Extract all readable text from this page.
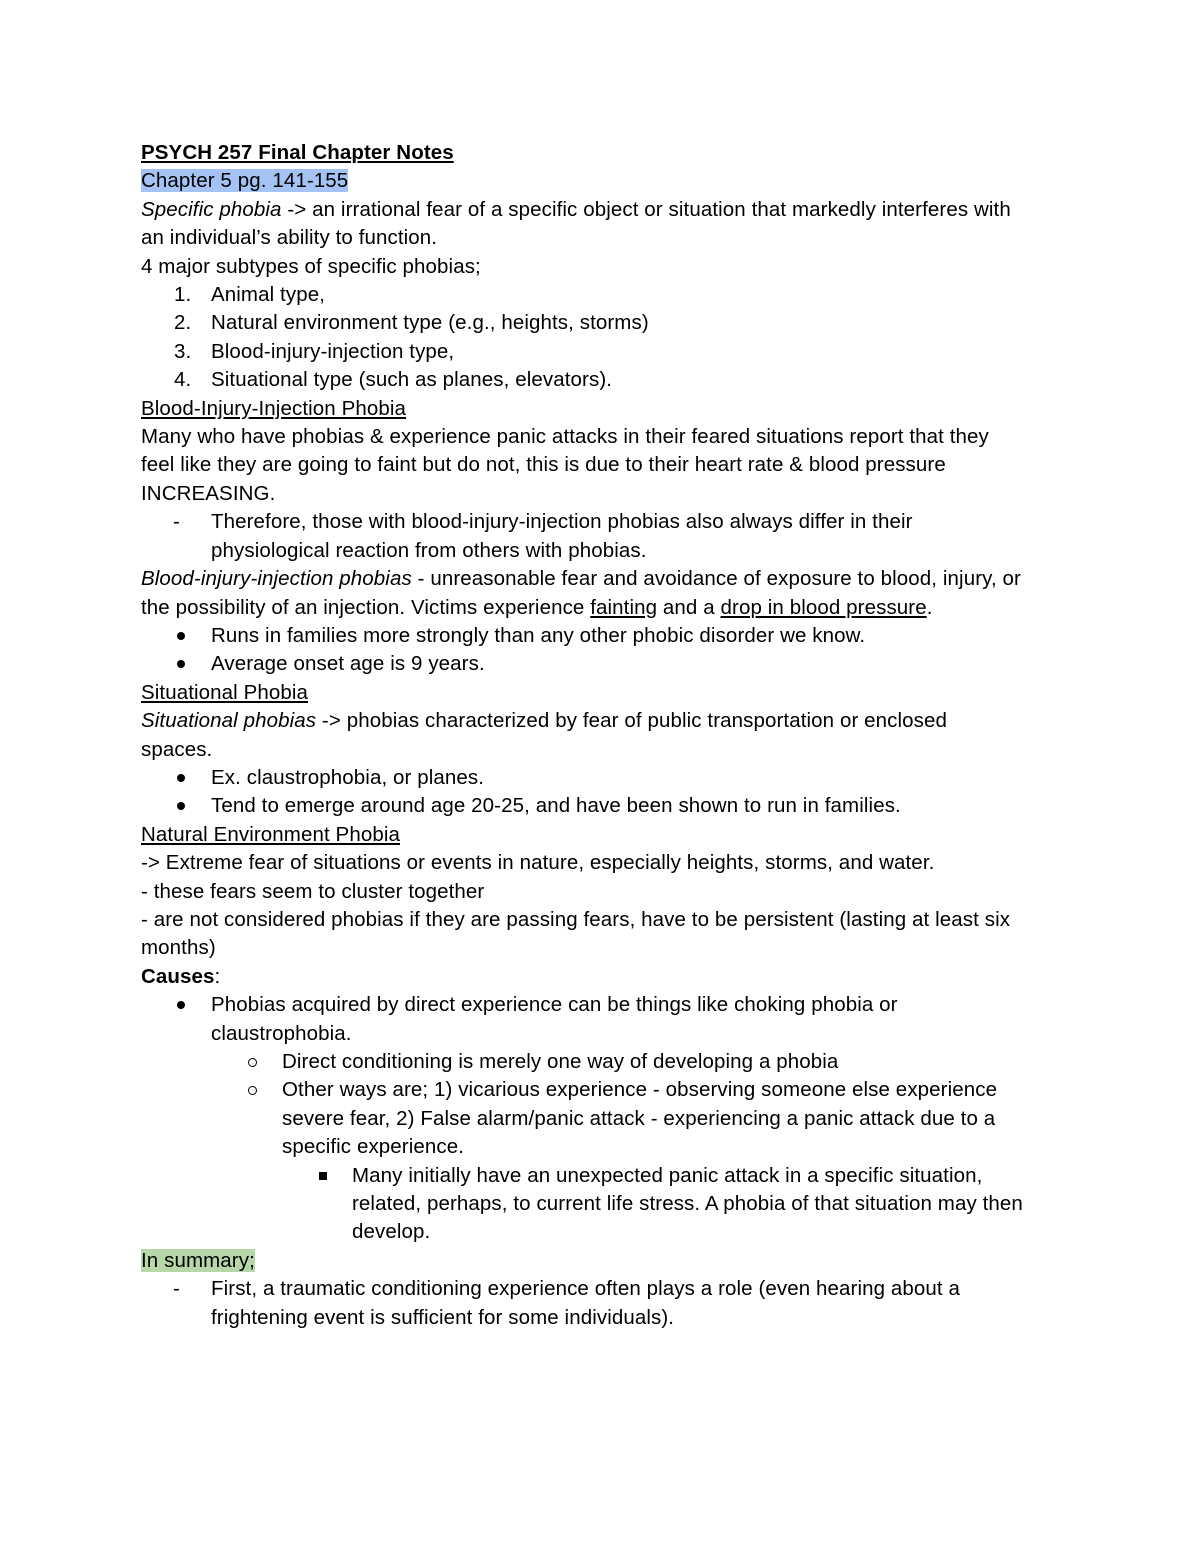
PSYCH 257 Final Chapter Notes
Chapter 5 pg. 141-155
Specific phobia -> an irrational fear of a specific object or situation that markedly interferes with
an individual’s ability to function.
4 major subtypes of specific phobias;
1. Animal type,
2. Natural environment type (e.g., heights, storms)
3. Blood-injury-injection type,
4. Situational type (such as planes, elevators).
Blood-Injury-Injection Phobia
Many who have phobias & experience panic attacks in their feared situations report that they
feel like they are going to faint but do not, this is due to their heart rate & blood pressure
INCREASING.
- Therefore, those with blood-injury-injection phobias also always differ in their
physiological reaction from others with phobias.
Blood-injury-injection phobias - unreasonable fear and avoidance of exposure to blood, injury, or
the possibility of an injection. Victims experience fainting and a drop in blood pressure.
Runs in families more strongly than any other phobic disorder we know.
Average onset age is 9 years.
Situational Phobia
Situational phobias -> phobias characterized by fear of public transportation or enclosed
spaces.
Ex. claustrophobia, or planes.
Tend to emerge around age 20-25, and have been shown to run in families.
Natural Environment Phobia
-> Extreme fear of situations or events in nature, especially heights, storms, and water.
- these fears seem to cluster together
- are not considered phobias if they are passing fears, have to be persistent (lasting at least six
months)
Causes:
Phobias acquired by direct experience can be things like choking phobia or
claustrophobia.
Direct conditioning is merely one way of developing a phobia
Other ways are; 1) vicarious experience - observing someone else experience
severe fear, 2) False alarm/panic attack - experiencing a panic attack due to a
specific experience.
Many initially have an unexpected panic attack in a specific situation,
related, perhaps, to current life stress. A phobia of that situation may then
develop.
In summary;
- First, a traumatic conditioning experience often plays a role (even hearing about a
frightening event is sufficient for some individuals).
